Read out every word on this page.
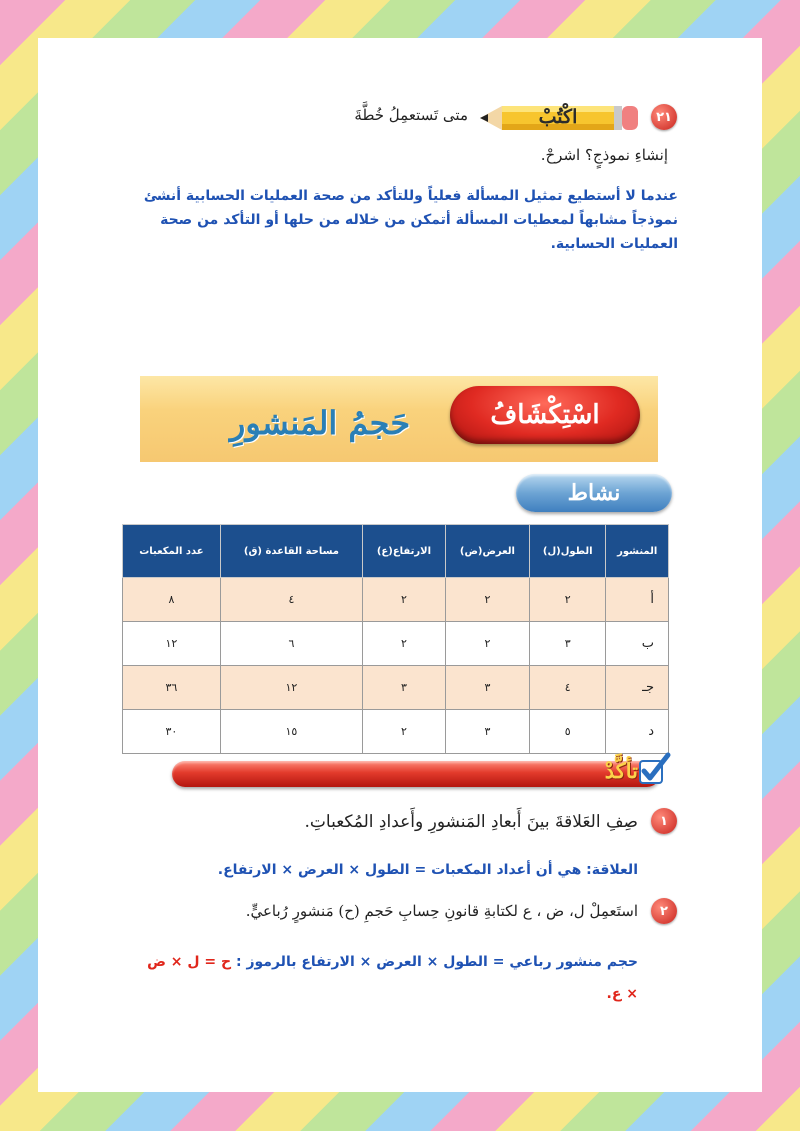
٢١
اكْتُبْ
متى تَستعمِلُ خُطَّةَ
إنشاءِ نموذجٍ؟ اشرحْ.
عندما لا أستطيع تمثيل المسألة فعلياً وللتأكد من صحة العمليات الحسابية أنشئ نموذجاً مشابهاً لمعطيات المسألة أتمكن من خلاله من حلها أو التأكد من صحة العمليات الحسابية.
اسْتِكْشَافُ
حَجمُ المَنشورِ
نشاط
المنشور	الطول(ل)	العرض(ض)	الارتفاع(ع)	مساحة القاعدة (ق)	عدد المكعبات
أ	٢	٢	٢	٤	٨
ب	٣	٢	٢	٦	١٢
جـ	٤	٣	٣	١٢	٣٦
د	٥	٣	٢	١٥	٣٠
تأكَّدْ
١
صِفِ العَلاقةَ بينَ أَبعادِ المَنشورِ وأَعدادِ المُكعباتِ.
العلاقة: هي أن أعداد المكعبات = الطول × العرض × الارتفاع.
٢
استَعمِلْ ل، ض ، ع لكتابةِ قانونِ حِسابِ حَجمِ (ح) مَنشورٍ رُباعيٍّ.
حجم منشور رباعي = الطول × العرض × الارتفاع بالرموز : ح = ل × ض × ع.
